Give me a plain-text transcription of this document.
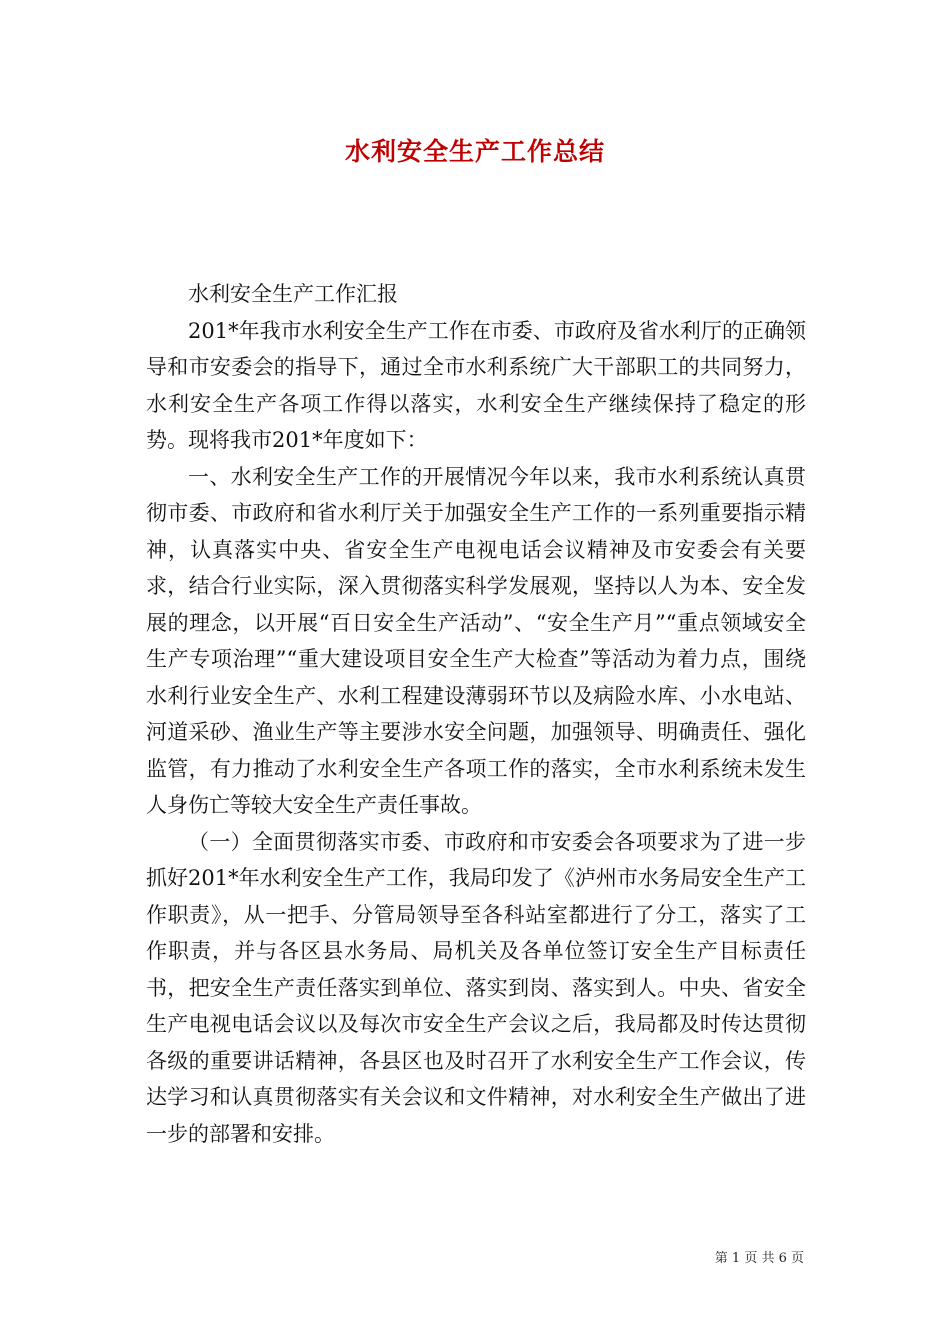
水利安全生产工作总结

水利安全生产工作汇报

201*年我市水利安全生产工作在市委、市政府及省水利厅的正确领导和市安委会的指导下，通过全市水利系统广大干部职工的共同努力，水利安全生产各项工作得以落实，水利安全生产继续保持了稳定的形势。现将我市201*年度如下：

一、水利安全生产工作的开展情况今年以来，我市水利系统认真贯彻市委、市政府和省水利厅关于加强安全生产工作的一系列重要指示精神，认真落实中央、省安全生产电视电话会议精神及市安委会有关要求，结合行业实际，深入贯彻落实科学发展观，坚持以人为本、安全发展的理念，以开展“百日安全生产活动”、“安全生产月”“重点领域安全生产专项治理”“重大建设项目安全生产大检查”等活动为着力点，围绕水利行业安全生产、水利工程建设薄弱环节以及病险水库、小水电站、河道采砂、渔业生产等主要涉水安全问题，加强领导、明确责任、强化监管，有力推动了水利安全生产各项工作的落实，全市水利系统未发生人身伤亡等较大安全生产责任事故。

（一）全面贯彻落实市委、市政府和市安委会各项要求为了进一步抓好201*年水利安全生产工作，我局印发了《泸州市水务局安全生产工作职责》，从一把手、分管局领导至各科站室都进行了分工，落实了工作职责，并与各区县水务局、局机关及各单位签订安全生产目标责任书，把安全生产责任落实到单位、落实到岗、落实到人。中央、省安全生产电视电话会议以及每次市安全生产会议之后，我局都及时传达贯彻各级的重要讲话精神，各县区也及时召开了水利安全生产工作会议，传达学习和认真贯彻落实有关会议和文件精神，对水利安全生产做出了进一步的部署和安排。

第 1 页 共 6 页
